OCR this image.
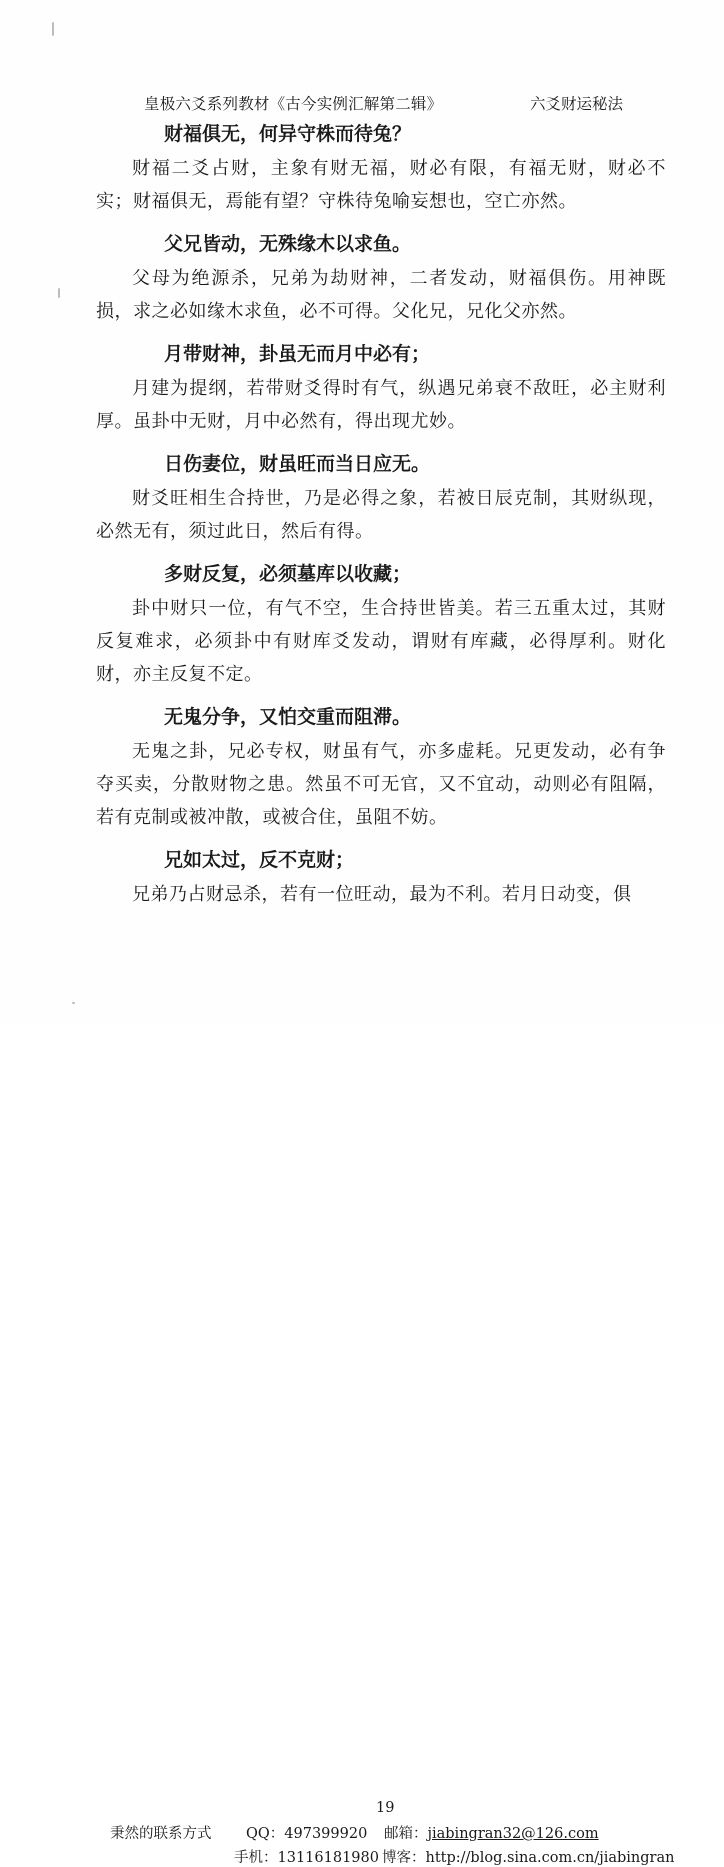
皇极六爻系列教材《古今实例汇解第二辑》	六爻财运秘法
财福俱无，何异守株而待兔？
财福二爻占财，主象有财无福，财必有限，有福无财，财必不实；财福俱无，焉能有望？守株待兔喻妄想也，空亡亦然。
父兄皆动，无殊缘木以求鱼。
父母为绝源杀，兄弟为劫财神，二者发动，财福俱伤。用神既损，求之必如缘木求鱼，必不可得。父化兄，兄化父亦然。
月带财神，卦虽无而月中必有；
月建为提纲，若带财爻得时有气，纵遇兄弟衰不敌旺，必主财利厚。虽卦中无财，月中必然有，得出现尤妙。
日伤妻位，财虽旺而当日应无。
财爻旺相生合持世，乃是必得之象，若被日辰克制，其财纵现，必然无有，须过此日，然后有得。
多财反复，必须墓库以收藏；
卦中财只一位，有气不空，生合持世皆美。若三五重太过，其财反复难求，必须卦中有财库爻发动，谓财有库藏，必得厚利。财化财，亦主反复不定。
无鬼分争，又怕交重而阻滞。
无鬼之卦，兄必专权，财虽有气，亦多虚耗。兄更发动，必有争夺买卖，分散财物之患。然虽不可无官，又不宜动，动则必有阻隔，若有克制或被冲散，或被合住，虽阻不妨。
兄如太过，反不克财；
兄弟乃占财忌杀，若有一位旺动，最为不利。若月日动变，俱
19
秉然的联系方式 QQ：497399920 邮箱：jiabingran32@126.com
手机：13116181980 博客：http://blog.sina.com.cn/jiabingran
